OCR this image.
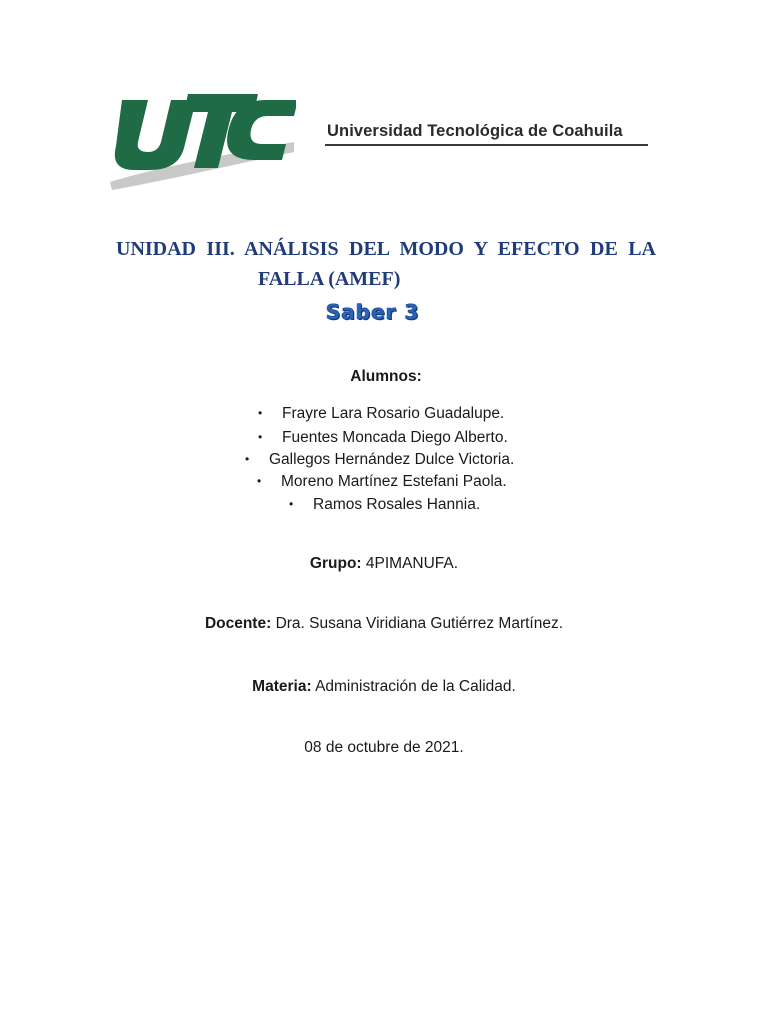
Universidad Tecnológica de Coahuila
UNIDAD III. ANÁLISIS DEL MODO Y EFECTO DE LA
FALLA (AMEF)
Saber 3
Alumnos:
• Frayre Lara Rosario Guadalupe.
• Fuentes Moncada Diego Alberto.
• Gallegos Hernández Dulce Victoria.
• Moreno Martínez Estefani Paola.
• Ramos Rosales Hannia.
Grupo: 4PIMANUFA.
Docente: Dra. Susana Viridiana Gutiérrez Martínez.
Materia: Administración de la Calidad.
08 de octubre de 2021.
